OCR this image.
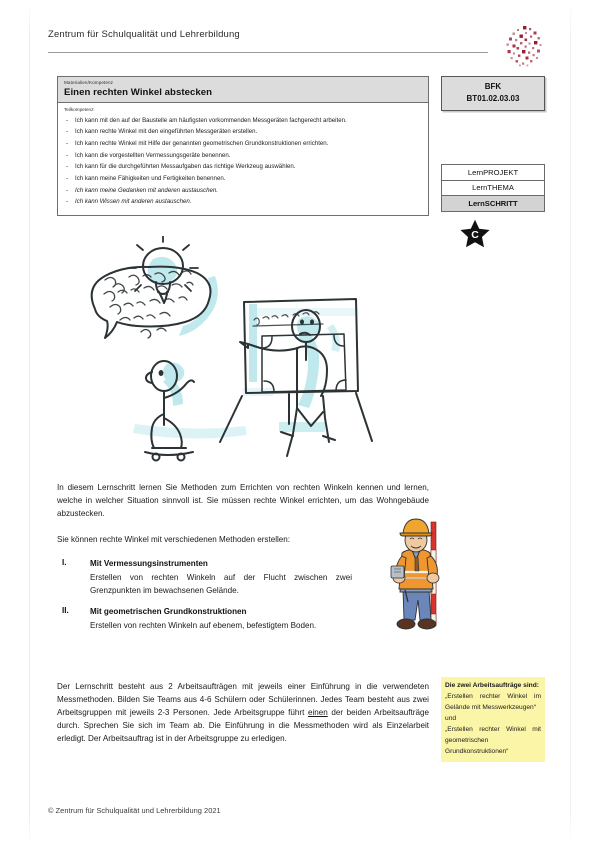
Zentrum für Schulqualität und Lehrerbildung
Materialien/Kompetenz
Einen rechten Winkel abstecken
Teilkompetenz:
- Ich kann mit den auf der Baustelle am häufigsten vorkommenden Messgeräten fachgerecht arbeiten.
- Ich kann rechte Winkel mit den eingeführten Messgeräten erstellen.
- Ich kann rechte Winkel mit Hilfe der genannten geometrischen Grundkonstruktionen errichten.
- Ich kann die vorgestellten Vermessungsgeräte benennen.
- Ich kann für die durchgeführten Messaufgaben das richtige Werkzeug auswählen.
- Ich kann meine Fähigkeiten und Fertigkeiten benennen.
- Ich kann meine Gedanken mit anderen austauschen.
- Ich kann Wissen mit anderen austauschen.
BFK
BT01.02.03.03
LernPROJEKT
LernTHEMA
LernSCHRITT
C
In diesem Lernschritt lernen Sie Methoden zum Errichten von rechten Winkeln kennen und lernen, welche in welcher Situation sinnvoll ist. Sie müssen rechte Winkel errichten, um das Wohngebäude abzustecken.
Sie können rechte Winkel mit verschiedenen Methoden erstellen:
I.	Mit Vermessungsinstrumenten
Erstellen von rechten Winkeln auf der Flucht zwischen zwei Grenzpunkten im bewachsenen Gelände.
II.	Mit geometrischen Grundkonstruktionen
Erstellen von rechten Winkeln auf ebenem, befestigtem Boden.
Der Lernschritt besteht aus 2 Arbeitsaufträgen mit jeweils einer Einführung in die verwendeten Messmethoden. Bilden Sie Teams aus 4-6 Schülern oder Schülerinnen. Jedes Team besteht aus zwei Arbeitsgruppen mit jeweils 2-3 Personen. Jede Arbeitsgruppe führt einen der beiden Arbeitsaufträge durch. Sprechen Sie sich im Team ab. Die Einführung in die Messmethoden wird als Einzelarbeit erledigt. Der Arbeitsauftrag ist in der Arbeitsgruppe zu erledigen.

Die zwei Arbeitsaufträge sind:

„Erstellen rechter Winkel im Gelände mit Messwerkzeugen“

und

„Erstellen rechter Winkel mit geometrischen Grundkonstruktionen“

© Zentrum für Schulqualität und Lehrerbildung 2021
